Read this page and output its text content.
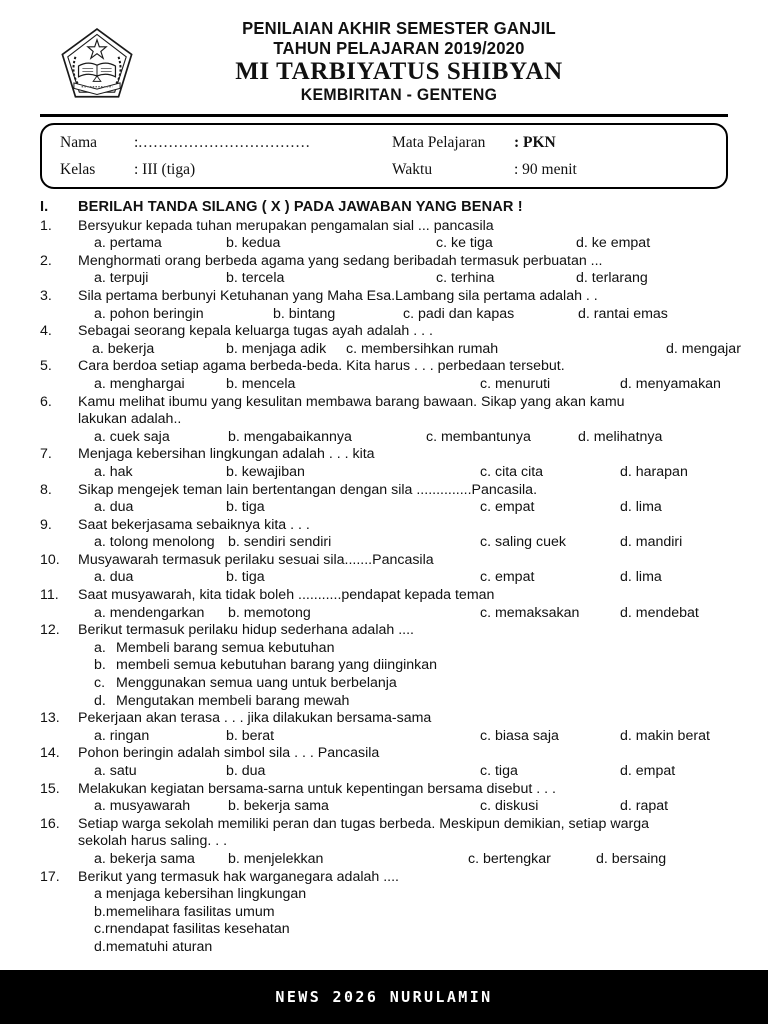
PENILAIAN AKHIR SEMESTER GANJIL
TAHUN PELAJARAN 2019/2020
MI TARBIYATUS SHIBYAN
KEMBIRITAN - GENTENG
Nama	: ..................................
Kelas	: III (tiga)
Mata Pelajaran	: PKN
Waktu	: 90 menit
I.	BERILAH TANDA SILANG ( X ) PADA JAWABAN YANG BENAR !
1.	Bersyukur kepada tuhan merupakan pengamalan sial ... pancasila
a. pertama	b. kedua	c. ke tiga	d. ke empat
2.	Menghormati orang berbeda agama yang sedang beribadah termasuk perbuatan ...
a. terpuji	b. tercela	c. terhina	d. terlarang
3.	Sila pertama berbunyi Ketuhanan yang Maha Esa.Lambang sila pertama adalah . .
a. pohon beringin	b. bintang	c. padi dan kapas	d. rantai emas
4.	Sebagai seorang kepala keluarga tugas ayah adalah . . .
a. bekerja	b. menjaga adik c. membersihkan rumah	d. mengajar
5.	Cara berdoa setiap agama berbeda-beda. Kita harus . . . perbedaan tersebut.
a. menghargai	b. mencela	c. menuruti	d. menyamakan
6.	Kamu melihat ibumu yang kesulitan membawa barang bawaan. Sikap yang akan kamu
lakukan adalah..
a. cuek saja	b. mengabaikannya	c. membantunya	d. melihatnya
7.	Menjaga kebersihan lingkungan adalah . . . kita
a. hak	b. kewajiban	c. cita cita	d. harapan
8.	Sikap mengejek teman lain bertentangan dengan sila ..............Pancasila.
a. dua	b. tiga	c. empat	d. lima
9.	Saat bekerjasama sebaiknya kita . . .
a. tolong menolong b. sendiri sendiri	c. saling cuek	d. mandiri
10.	Musyawarah termasuk perilaku sesuai sila.......Pancasila
a. dua	b. tiga	c. empat	d. lima
11.	Saat musyawarah, kita tidak boleh ...........pendapat kepada teman
a. mendengarkan b. memotong	c. memaksakan	d. mendebat
12.	Berikut termasuk perilaku hidup sederhana adalah ....
a. Membeli barang semua kebutuhan
b. membeli semua kebutuhan barang yang diinginkan
c. Menggunakan semua uang untuk berbelanja
d. Mengutakan membeli barang mewah
13.	Pekerjaan akan terasa . . . jika dilakukan bersama-sama
a. ringan	b. berat	c. biasa saja	d. makin berat
14.	Pohon beringin adalah simbol sila . . . Pancasila
a. satu	b. dua	c. tiga	d. empat
15.	Melakukan kegiatan bersama-sarna untuk kepentingan bersama disebut . . .
a. musyawarah	b. bekerja sama	c. diskusi	d. rapat
16.	Setiap warga sekolah memiliki peran dan tugas berbeda. Meskipun demikian, setiap warga
sekolah harus saling. . .
a. bekerja sama b. menjelekkan	c. bertengkar	d. bersaing
17.	Berikut yang termasuk hak warganegara adalah ....
a menjaga kebersihan lingkungan
b.memelihara fasilitas umum
c.rnendapat fasilitas kesehatan
d.mematuhi aturan
NEWS 2026 NURULAMIN
